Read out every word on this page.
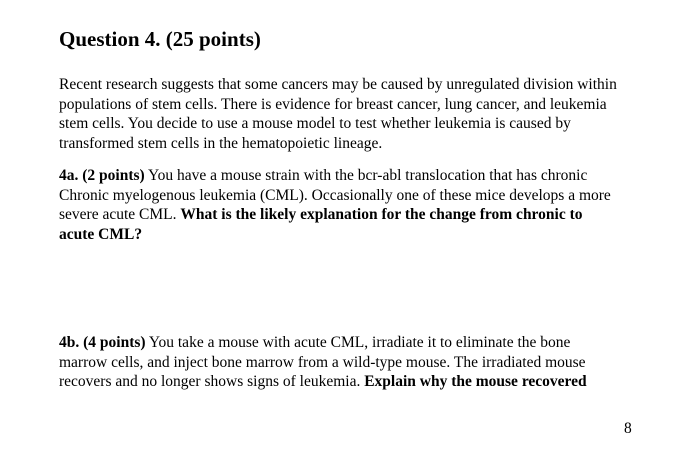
Question 4. (25 points)
Recent research suggests that some cancers may be caused by unregulated division within
populations of stem cells. There is evidence for breast cancer, lung cancer, and leukemia
stem cells. You decide to use a mouse model to test whether leukemia is caused by
transformed stem cells in the hematopoietic lineage.
4a. (2 points) You have a mouse strain with the bcr-abl translocation that has chronic
Chronic myelogenous leukemia (CML). Occasionally one of these mice develops a more
severe acute CML. What is the likely explanation for the change from chronic to
acute CML?
4b. (4 points) You take a mouse with acute CML, irradiate it to eliminate the bone
marrow cells, and inject bone marrow from a wild-type mouse. The irradiated mouse
recovers and no longer shows signs of leukemia. Explain why the mouse recovered
8
